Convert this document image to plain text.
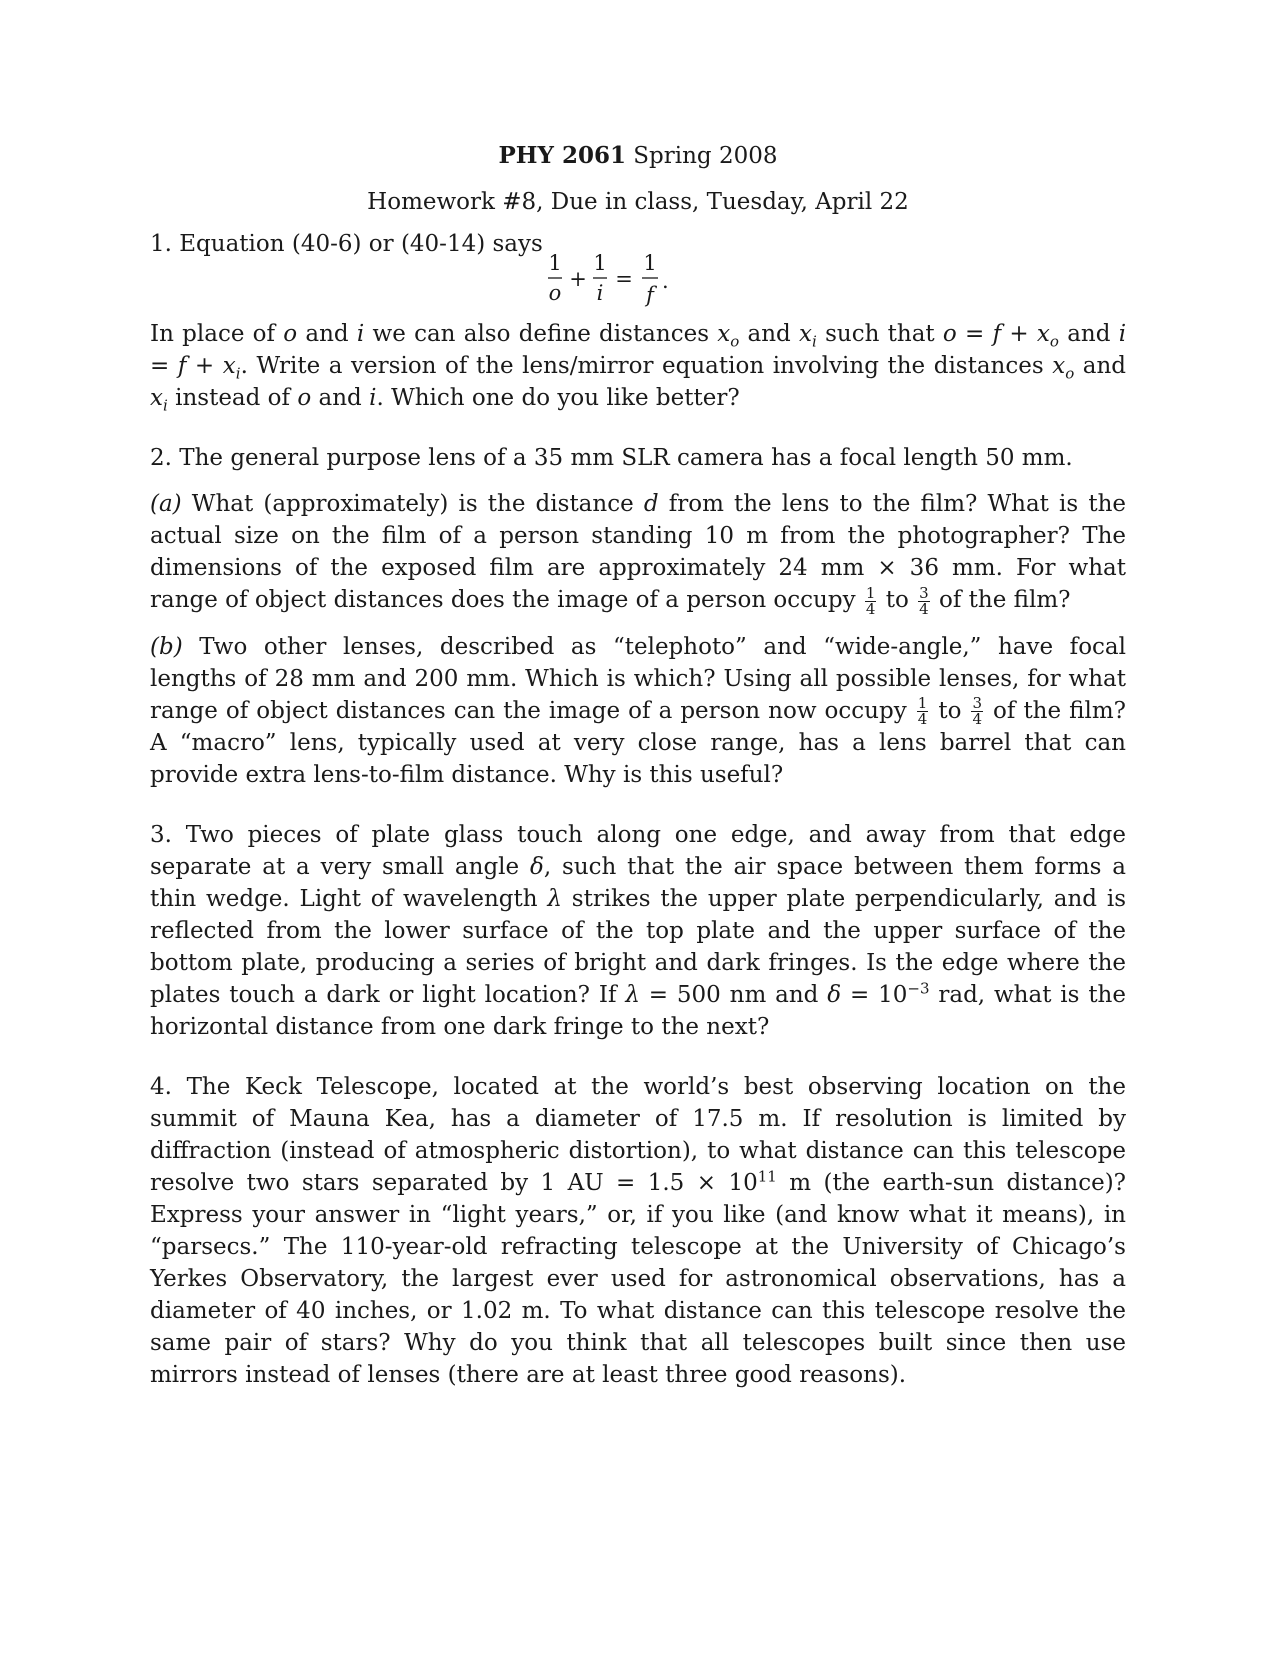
PHY 2061 Spring 2008
Homework #8, Due in class, Tuesday, April 22

1. Equation (40-6) or (40-14) says

1
o
+
1
i
=
1
f
.

In place of o and i we can also define distances $x_o$ and $x_i$ such that $o = f + x_o$ and $i = f + x_i$. Write a version of the lens/mirror equation involving the distances $x_o$ and $x_i$ instead of o and i. Which one do you like better?

2. The general purpose lens of a 35 mm SLR camera has a focal length 50 mm.

(a) What (approximately) is the distance d from the lens to the film? What is the actual size on the film of a person standing 10 m from the photographer? The dimensions of the exposed film are approximately 24 mm × 36 mm. For what range of object distances does the image of a person occupy $\frac{1}{4}$ to $\frac{3}{4}$ of the film?

(b) Two other lenses, described as “telephoto” and “wide-angle,” have focal lengths of 28 mm and 200 mm. Which is which? Using all possible lenses, for what range of object distances can the image of a person now occupy $\frac{1}{4}$ to $\frac{3}{4}$ of the film? A “macro” lens, typically used at very close range, has a lens barrel that can provide extra lens-to-film distance. Why is this useful?

3. Two pieces of plate glass touch along one edge, and away from that edge separate at a very small angle δ, such that the air space between them forms a thin wedge. Light of wavelength λ strikes the upper plate perpendicularly, and is reflected from the lower surface of the top plate and the upper surface of the bottom plate, producing a series of bright and dark fringes. Is the edge where the plates touch a dark or light location? If λ = 500 nm and $\delta = 10^{-3}$ rad, what is the horizontal distance from one dark fringe to the next?

4. The Keck Telescope, located at the world’s best observing location on the summit of Mauna Kea, has a diameter of 17.5 m. If resolution is limited by diffraction (instead of atmospheric distortion), to what distance can this telescope resolve two stars separated by 1 AU = $1.5 \times 10^{11}$ m (the earth-sun distance)? Express your answer in “light years,” or, if you like (and know what it means), in “parsecs.” The 110-year-old refracting telescope at the University of Chicago’s Yerkes Observatory, the largest ever used for astronomical observations, has a diameter of 40 inches, or 1.02 m. To what distance can this telescope resolve the same pair of stars? Why do you think that all telescopes built since then use mirrors instead of lenses (there are at least three good reasons).
